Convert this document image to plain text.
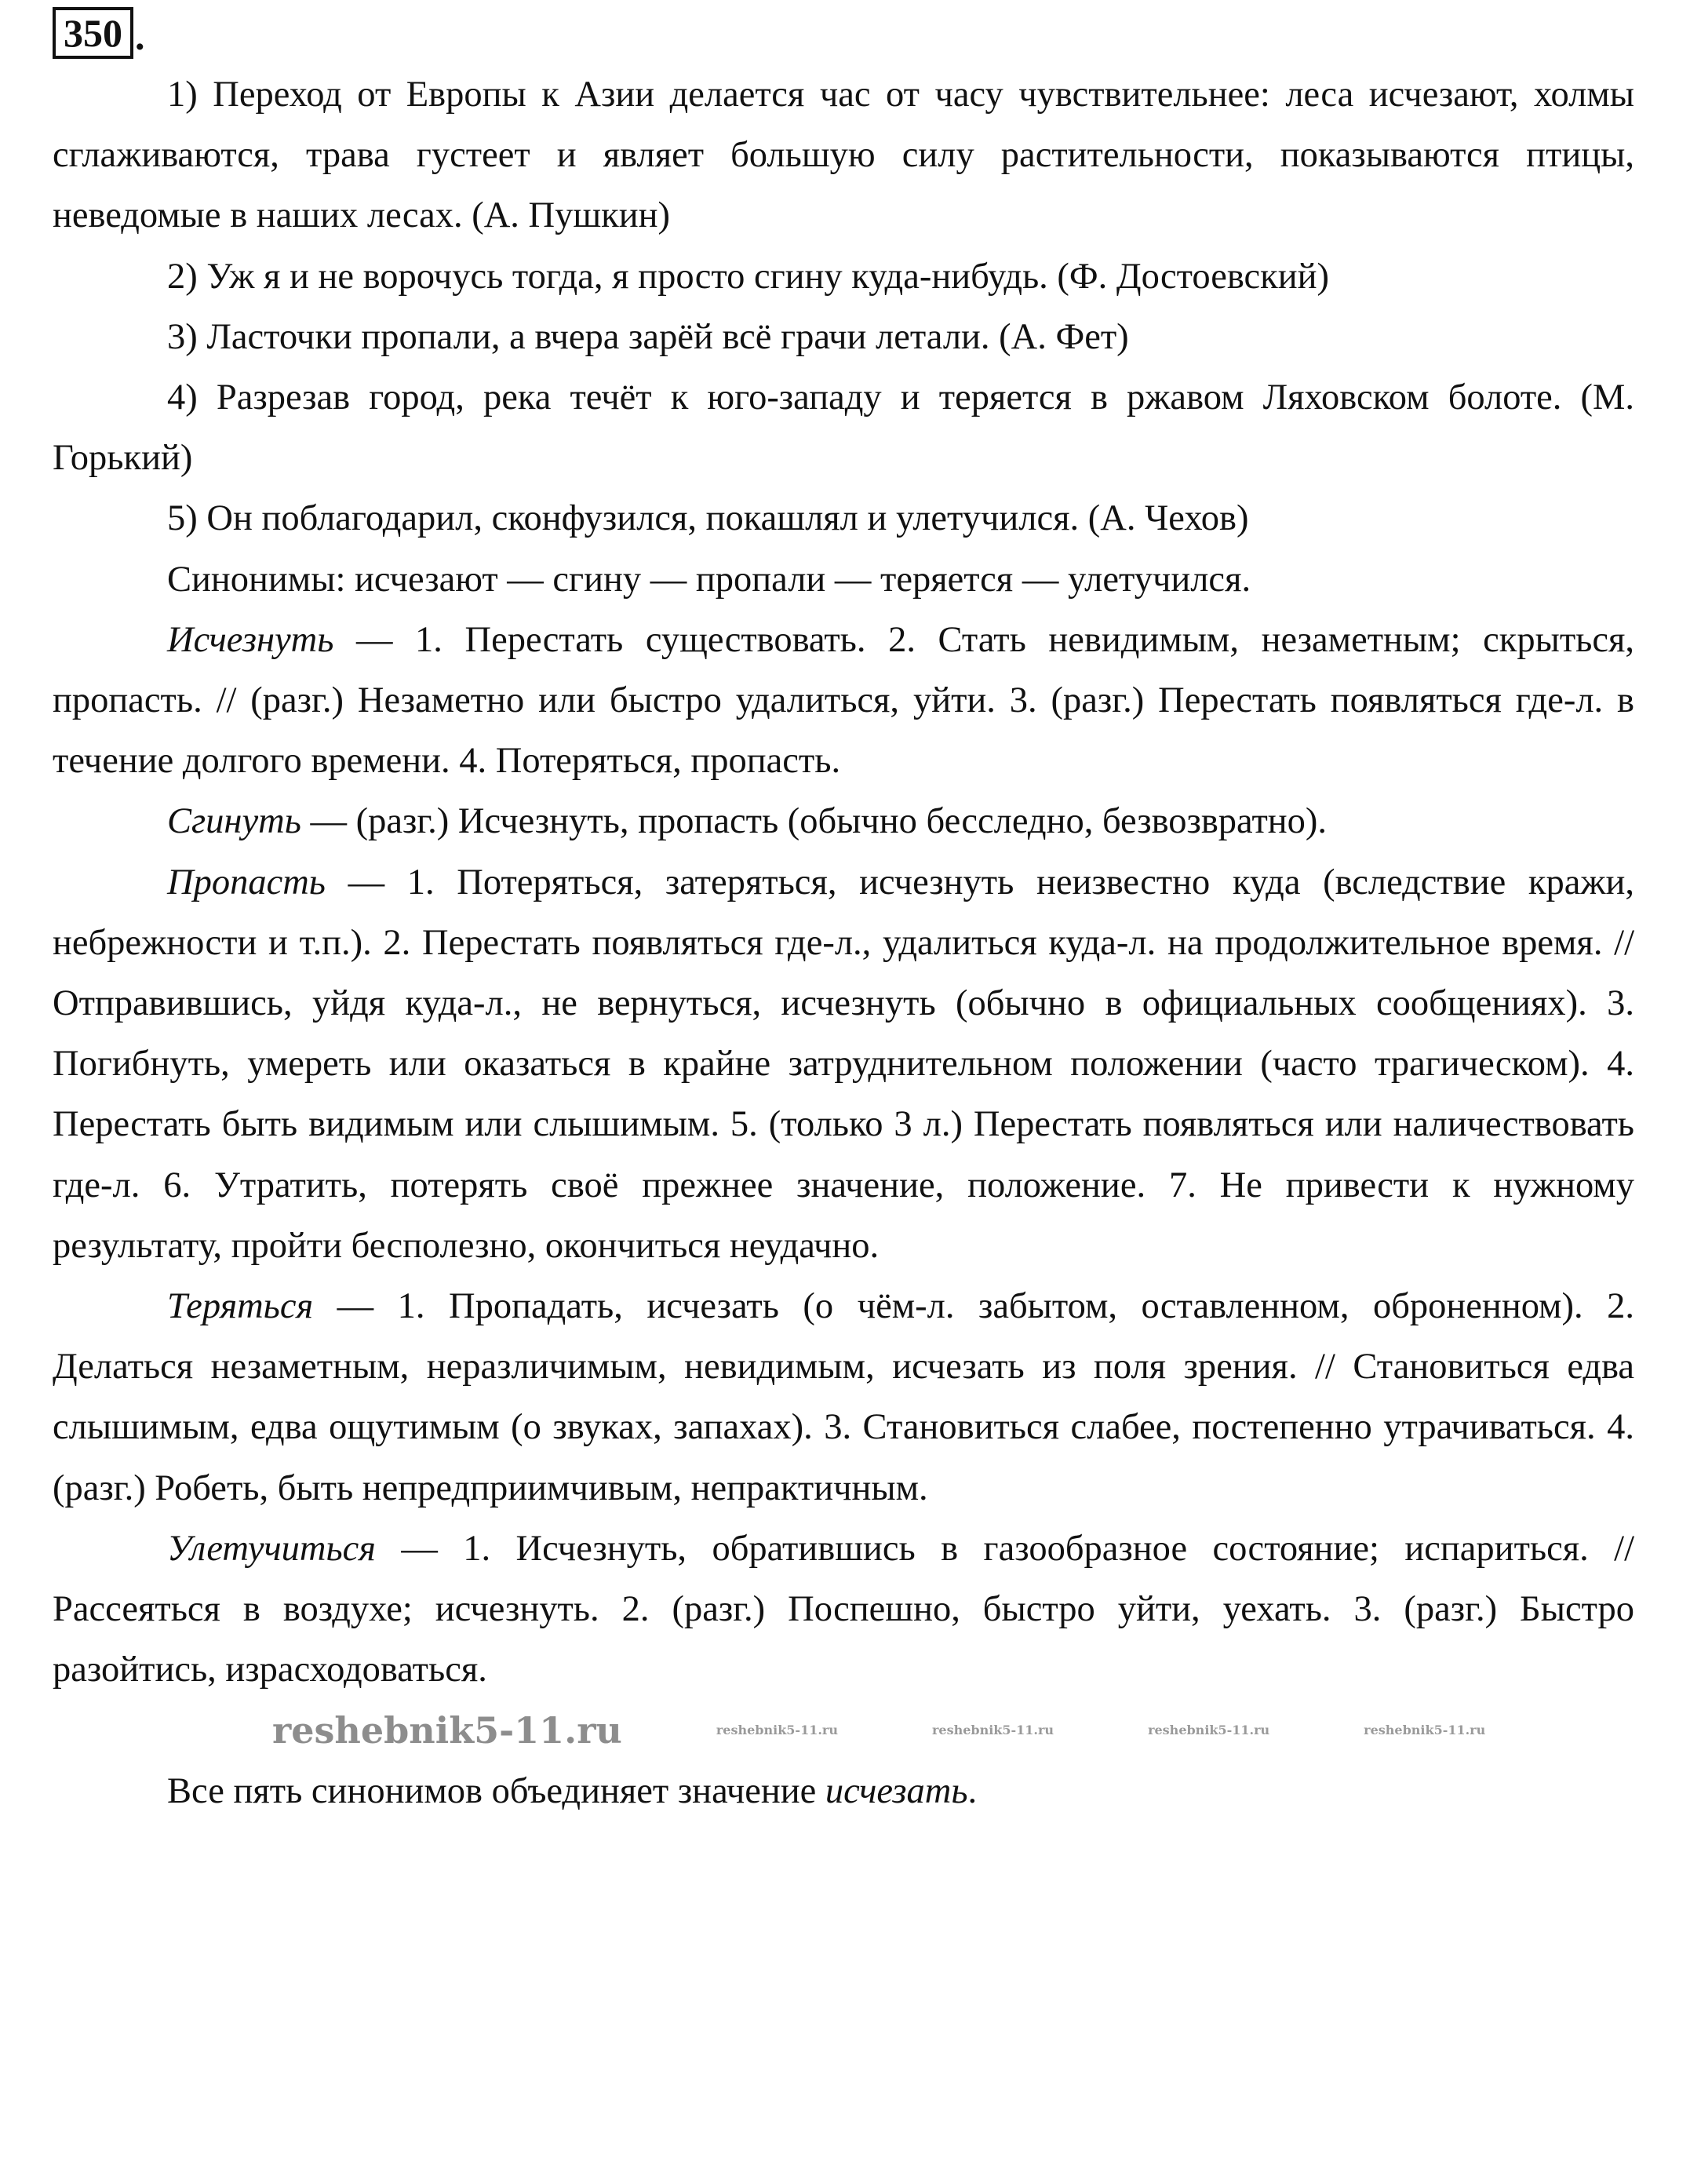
350 .

1) Переход от Европы к Азии делается час от часу чувствительнее: леса исчезают, холмы сглаживаются, трава густеет и являет большую силу растительности, показываются птицы, неведомые в наших лесах. (А. Пушкин)

2) Уж я и не ворочусь тогда, я просто сгину куда-нибудь. (Ф. Достоевский)

3) Ласточки пропали, а вчера зарёй всё грачи летали. (А. Фет)

4) Разрезав город, река течёт к юго-западу и теряется в ржавом Ляховском болоте. (М. Горький)

5) Он поблагодарил, сконфузился, покашлял и улетучился. (А. Чехов)

Синонимы: исчезают — сгину — пропали — теряется — улетучился.

Исчезнуть — 1. Перестать существовать. 2. Стать невидимым, незаметным; скрыться, пропасть. // (разг.) Незаметно или быстро удалиться, уйти. 3. (разг.) Перестать появляться где-л. в течение долгого времени. 4. Потеряться, пропасть.

Сгинуть — (разг.) Исчезнуть, пропасть (обычно бесследно, безвозвратно).

Пропасть — 1. Потеряться, затеряться, исчезнуть неизвестно куда (вследствие кражи, небрежности и т.п.). 2. Перестать появляться где-л., удалиться куда-л. на продолжительное время. // Отправившись, уйдя куда-л., не вернуться, исчезнуть (обычно в официальных сообщениях). 3. Погибнуть, умереть или оказаться в крайне затруднительном положении (часто трагическом). 4. Перестать быть видимым или слышимым. 5. (только 3 л.) Перестать появляться или наличествовать где-л. 6. Утратить, потерять своё прежнее значение, положение. 7. Не привести к нужному результату, пройти бесполезно, окончиться неудачно.

Теряться — 1. Пропадать, исчезать (о чём-л. забытом, оставленном, оброненном). 2. Делаться незаметным, неразличимым, невидимым, исчезать из поля зрения. // Становиться едва слышимым, едва ощутимым (о звуках, запахах). 3. Становиться слабее, постепенно утрачиваться. 4. (разг.) Робеть, быть непредприимчивым, непрактичным.

Улетучиться — 1. Исчезнуть, обратившись в газообразное состояние; испариться. // Рассеяться в воздухе; исчезнуть. 2. (разг.) Поспешно, быстро уйти, уехать. 3. (разг.) Быстро разойтись, израсходоваться.

reshebnik5-11.ru	reshebnik5-11.ru	reshebnik5-11.ru	reshebnik5-11.ru	reshebnik5-11.ru

Все пять синонимов объединяет значение исчезать.
